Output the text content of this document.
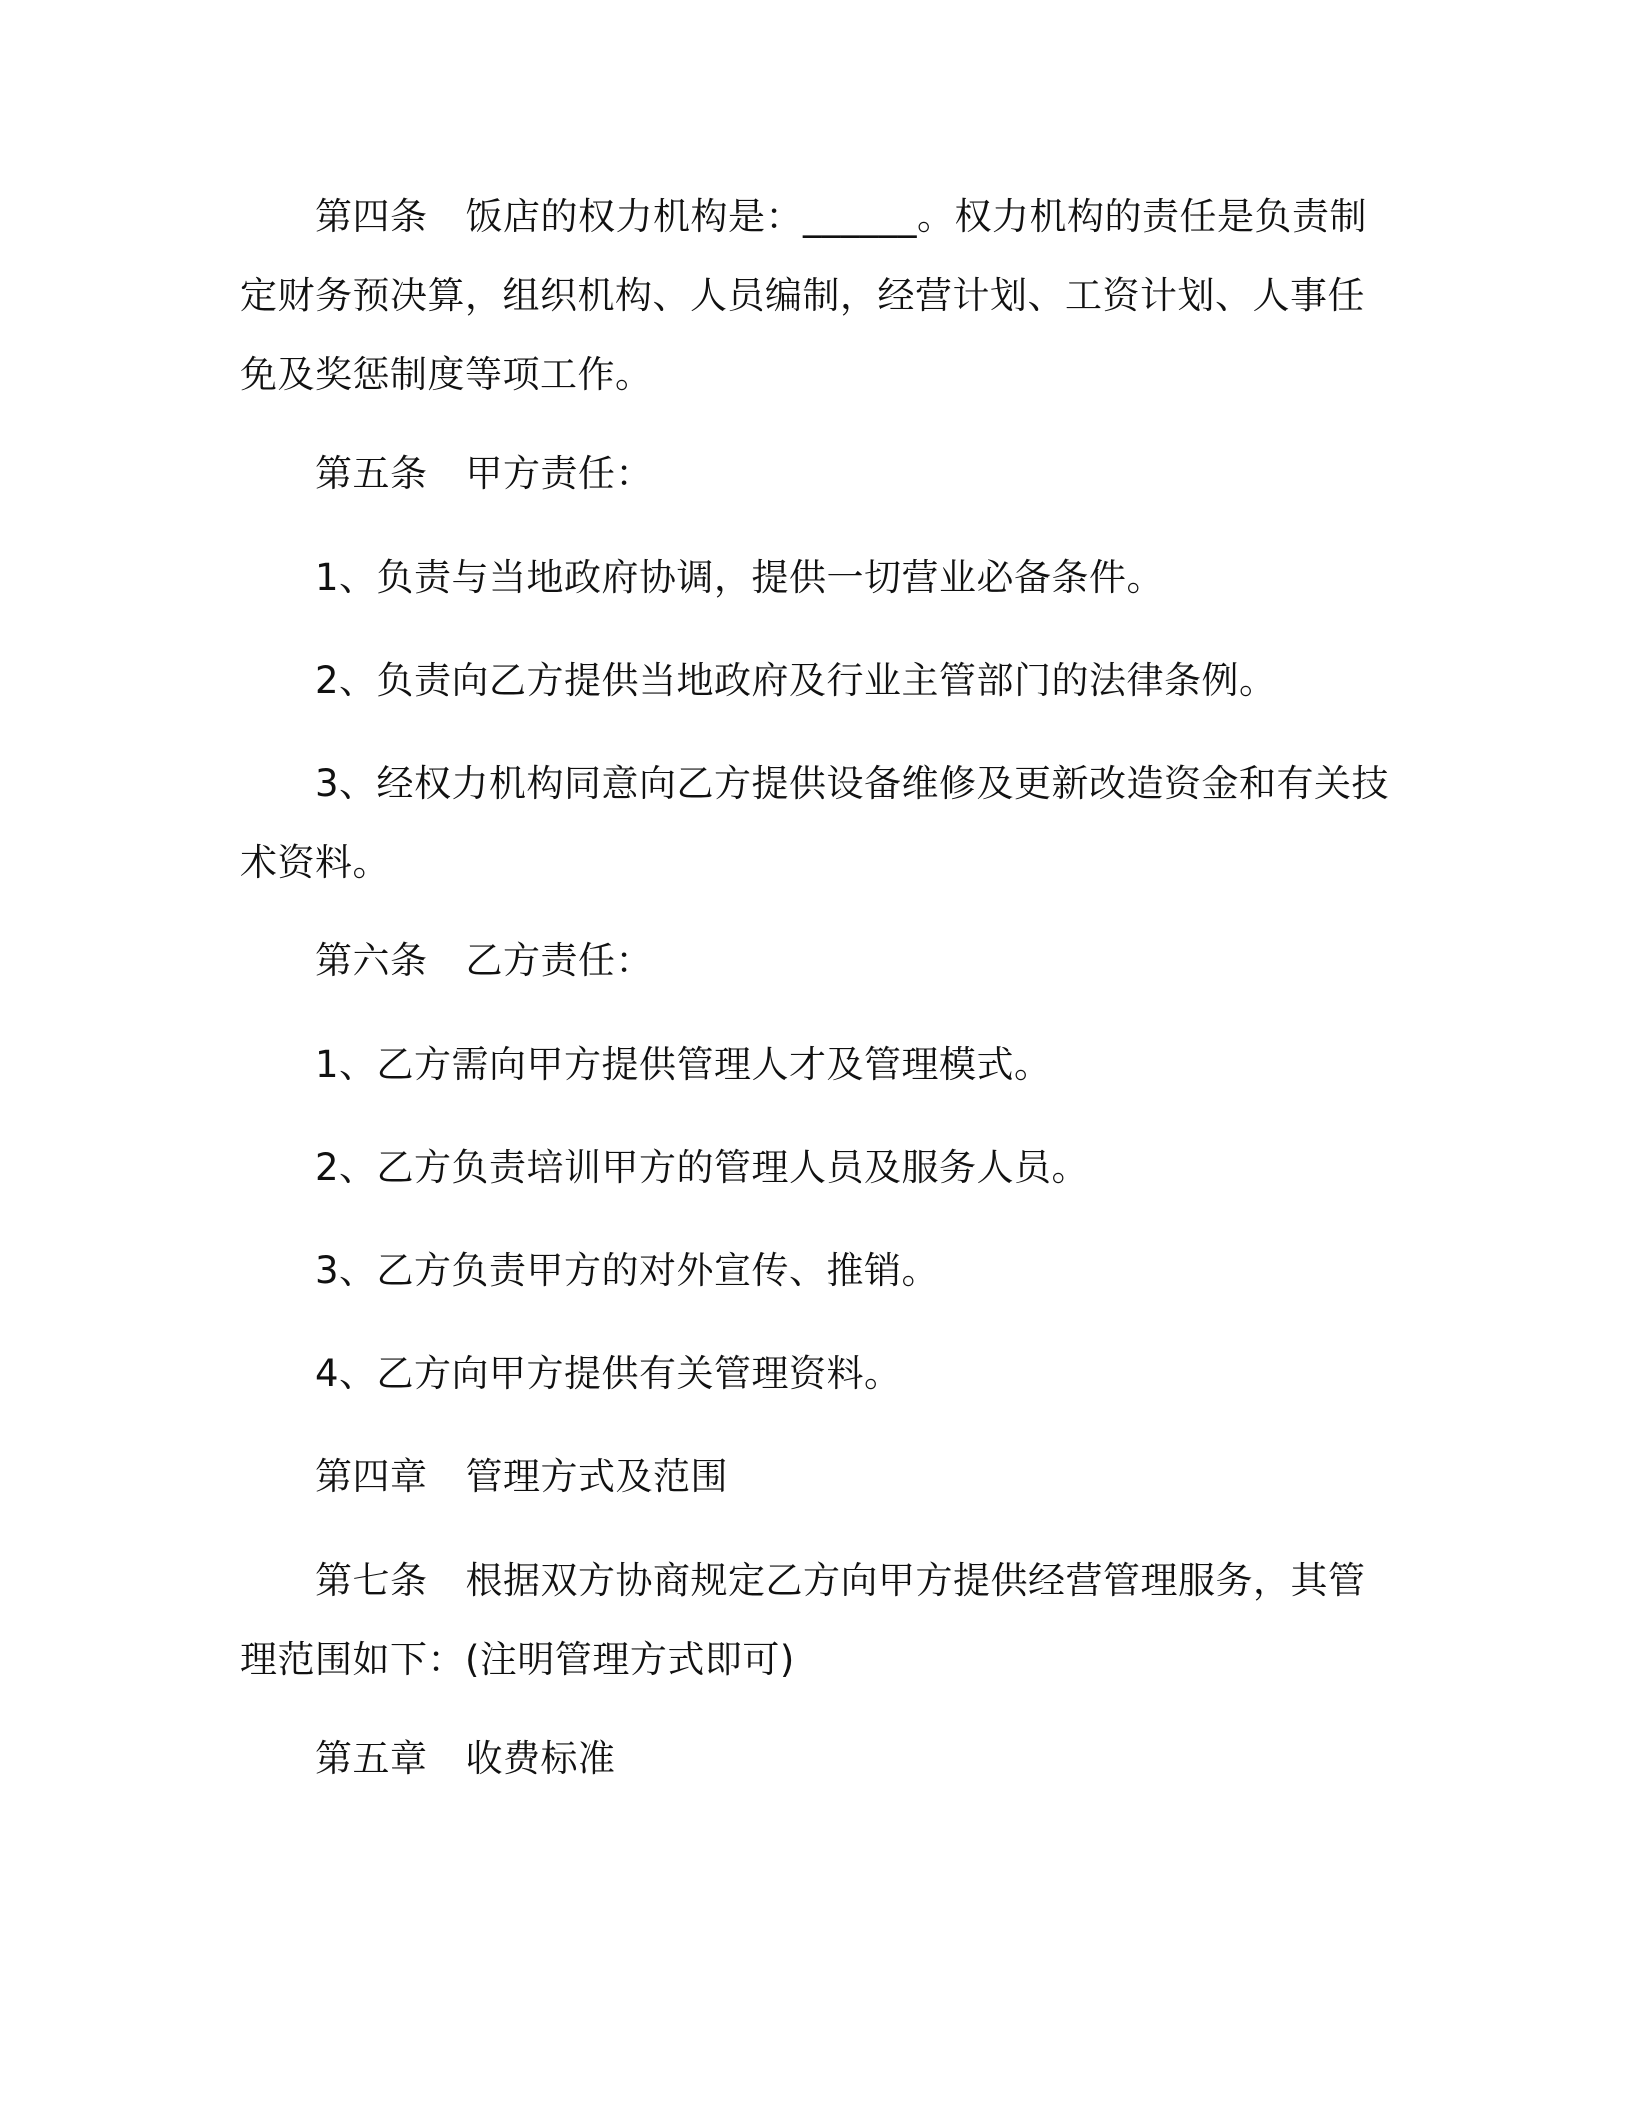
第四条 饭店的权力机构是：______。权力机构的责任是负责制
定财务预决算，组织机构、人员编制，经营计划、工资计划、人事任
免及奖惩制度等项工作。
第五条 甲方责任：
1、负责与当地政府协调，提供一切营业必备条件。
2、负责向乙方提供当地政府及行业主管部门的法律条例。
3、经权力机构同意向乙方提供设备维修及更新改造资金和有关技
术资料。
第六条 乙方责任：
1、乙方需向甲方提供管理人才及管理模式。
2、乙方负责培训甲方的管理人员及服务人员。
3、乙方负责甲方的对外宣传、推销。
4、乙方向甲方提供有关管理资料。
第四章 管理方式及范围
第七条 根据双方协商规定乙方向甲方提供经营管理服务，其管
理范围如下：(注明管理方式即可)
第五章 收费标准
